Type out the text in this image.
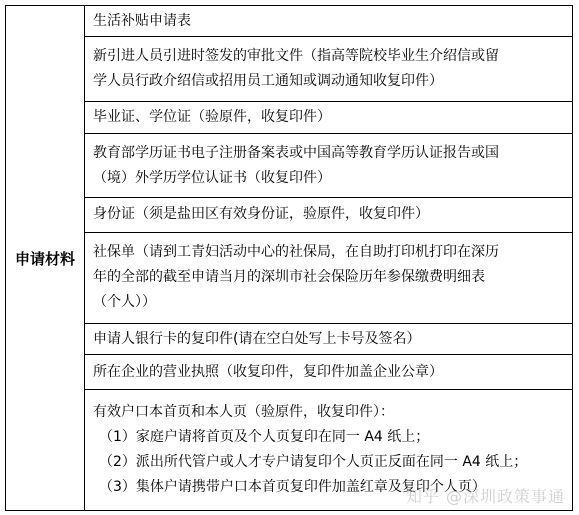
申请材料	
生活补贴申请表

新引进人员引进时签发的审批文件（指高等院校毕业生介绍信或留
学人员行政介绍信或招用员工通知或调动通知收复印件）

毕业证、学位证（验原件，收复印件）

教育部学历证书电子注册备案表或中国高等教育学历认证报告或国
（境）外学历学位认证书（收复印件）

身份证（须是盐田区有效身份证，验原件，收复印件）

社保单（请到工青妇活动中心的社保局，在自助打印机打印在深历
年的全部的截至申请当月的深圳市社会保险历年参保缴费明细表
（个人））

申请人银行卡的复印件(请在空白处写上卡号及签名）

所在企业的营业执照（收复印件，复印件加盖企业公章）

有效户口本首页和本人页（验原件，收复印件）：
（1）家庭户请将首页及个人页复印在同一 A4 纸上；
（2）派出所代管户或人才专户请复印个人页正反面在同一 A4 纸上；
（3）集体户请携带户口本首页复印件加盖红章及复印个人页）
知乎 @深圳政策事通
